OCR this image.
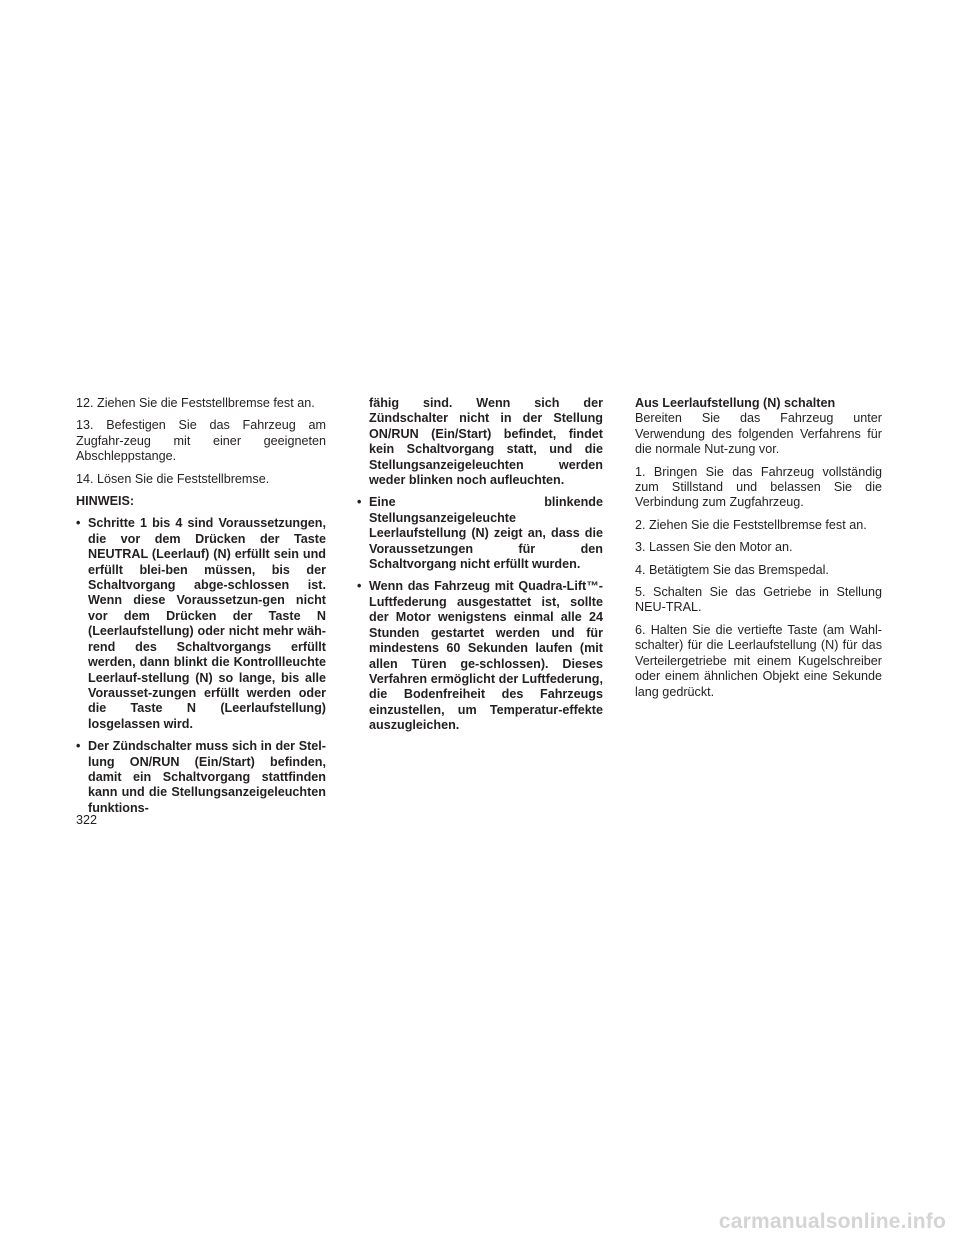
12. Ziehen Sie die Feststellbremse fest an.

13. Befestigen Sie das Fahrzeug am Zugfahr-zeug mit einer geeigneten Abschleppstange.

14. Lösen Sie die Feststellbremse.

HINWEIS:

• Schritte 1 bis 4 sind Voraussetzungen, die vor dem Drücken der Taste NEUTRAL (Leerlauf) (N) erfüllt sein und erfüllt blei-ben müssen, bis der Schaltvorgang abge-schlossen ist. Wenn diese Voraussetzun-gen nicht vor dem Drücken der Taste N (Leerlaufstellung) oder nicht mehr wäh-rend des Schaltvorgangs erfüllt werden, dann blinkt die Kontrollleuchte Leerlauf-stellung (N) so lange, bis alle Vorausset-zungen erfüllt werden oder die Taste N (Leerlaufstellung) losgelassen wird.
• Der Zündschalter muss sich in der Stel-lung ON/RUN (Ein/Start) befinden, damit ein Schaltvorgang stattfinden kann und die Stellungsanzeigeleuchten funktions-
fähig sind. Wenn sich der Zündschalter nicht in der Stellung ON/RUN (Ein/Start) befindet, findet kein Schaltvorgang statt, und die Stellungsanzeigeleuchten werden weder blinken noch aufleuchten.
• Eine blinkende Stellungsanzeigeleuchte Leerlaufstellung (N) zeigt an, dass die Voraussetzungen für den Schaltvorgang nicht erfüllt wurden.
• Wenn das Fahrzeug mit Quadra-Lift™-Luftfederung ausgestattet ist, sollte der Motor wenigstens einmal alle 24 Stunden gestartet werden und für mindestens 60 Sekunden laufen (mit allen Türen ge-schlossen). Dieses Verfahren ermöglicht der Luftfederung, die Bodenfreiheit des Fahrzeugs einzustellen, um Temperatur-effekte auszugleichen.

Aus Leerlaufstellung (N) schalten

Bereiten Sie das Fahrzeug unter Verwendung des folgenden Verfahrens für die normale Nut-zung vor.

1. Bringen Sie das Fahrzeug vollständig zum Stillstand und belassen Sie die Verbindung zum Zugfahrzeug.

2. Ziehen Sie die Feststellbremse fest an.

3. Lassen Sie den Motor an.

4. Betätigtem Sie das Bremspedal.

5. Schalten Sie das Getriebe in Stellung NEU-TRAL.

6. Halten Sie die vertiefte Taste (am Wahl-schalter) für die Leerlaufstellung (N) für das Verteilergetriebe mit einem Kugelschreiber oder einem ähnlichen Objekt eine Sekunde lang gedrückt.

322
carmanualsonline.info
